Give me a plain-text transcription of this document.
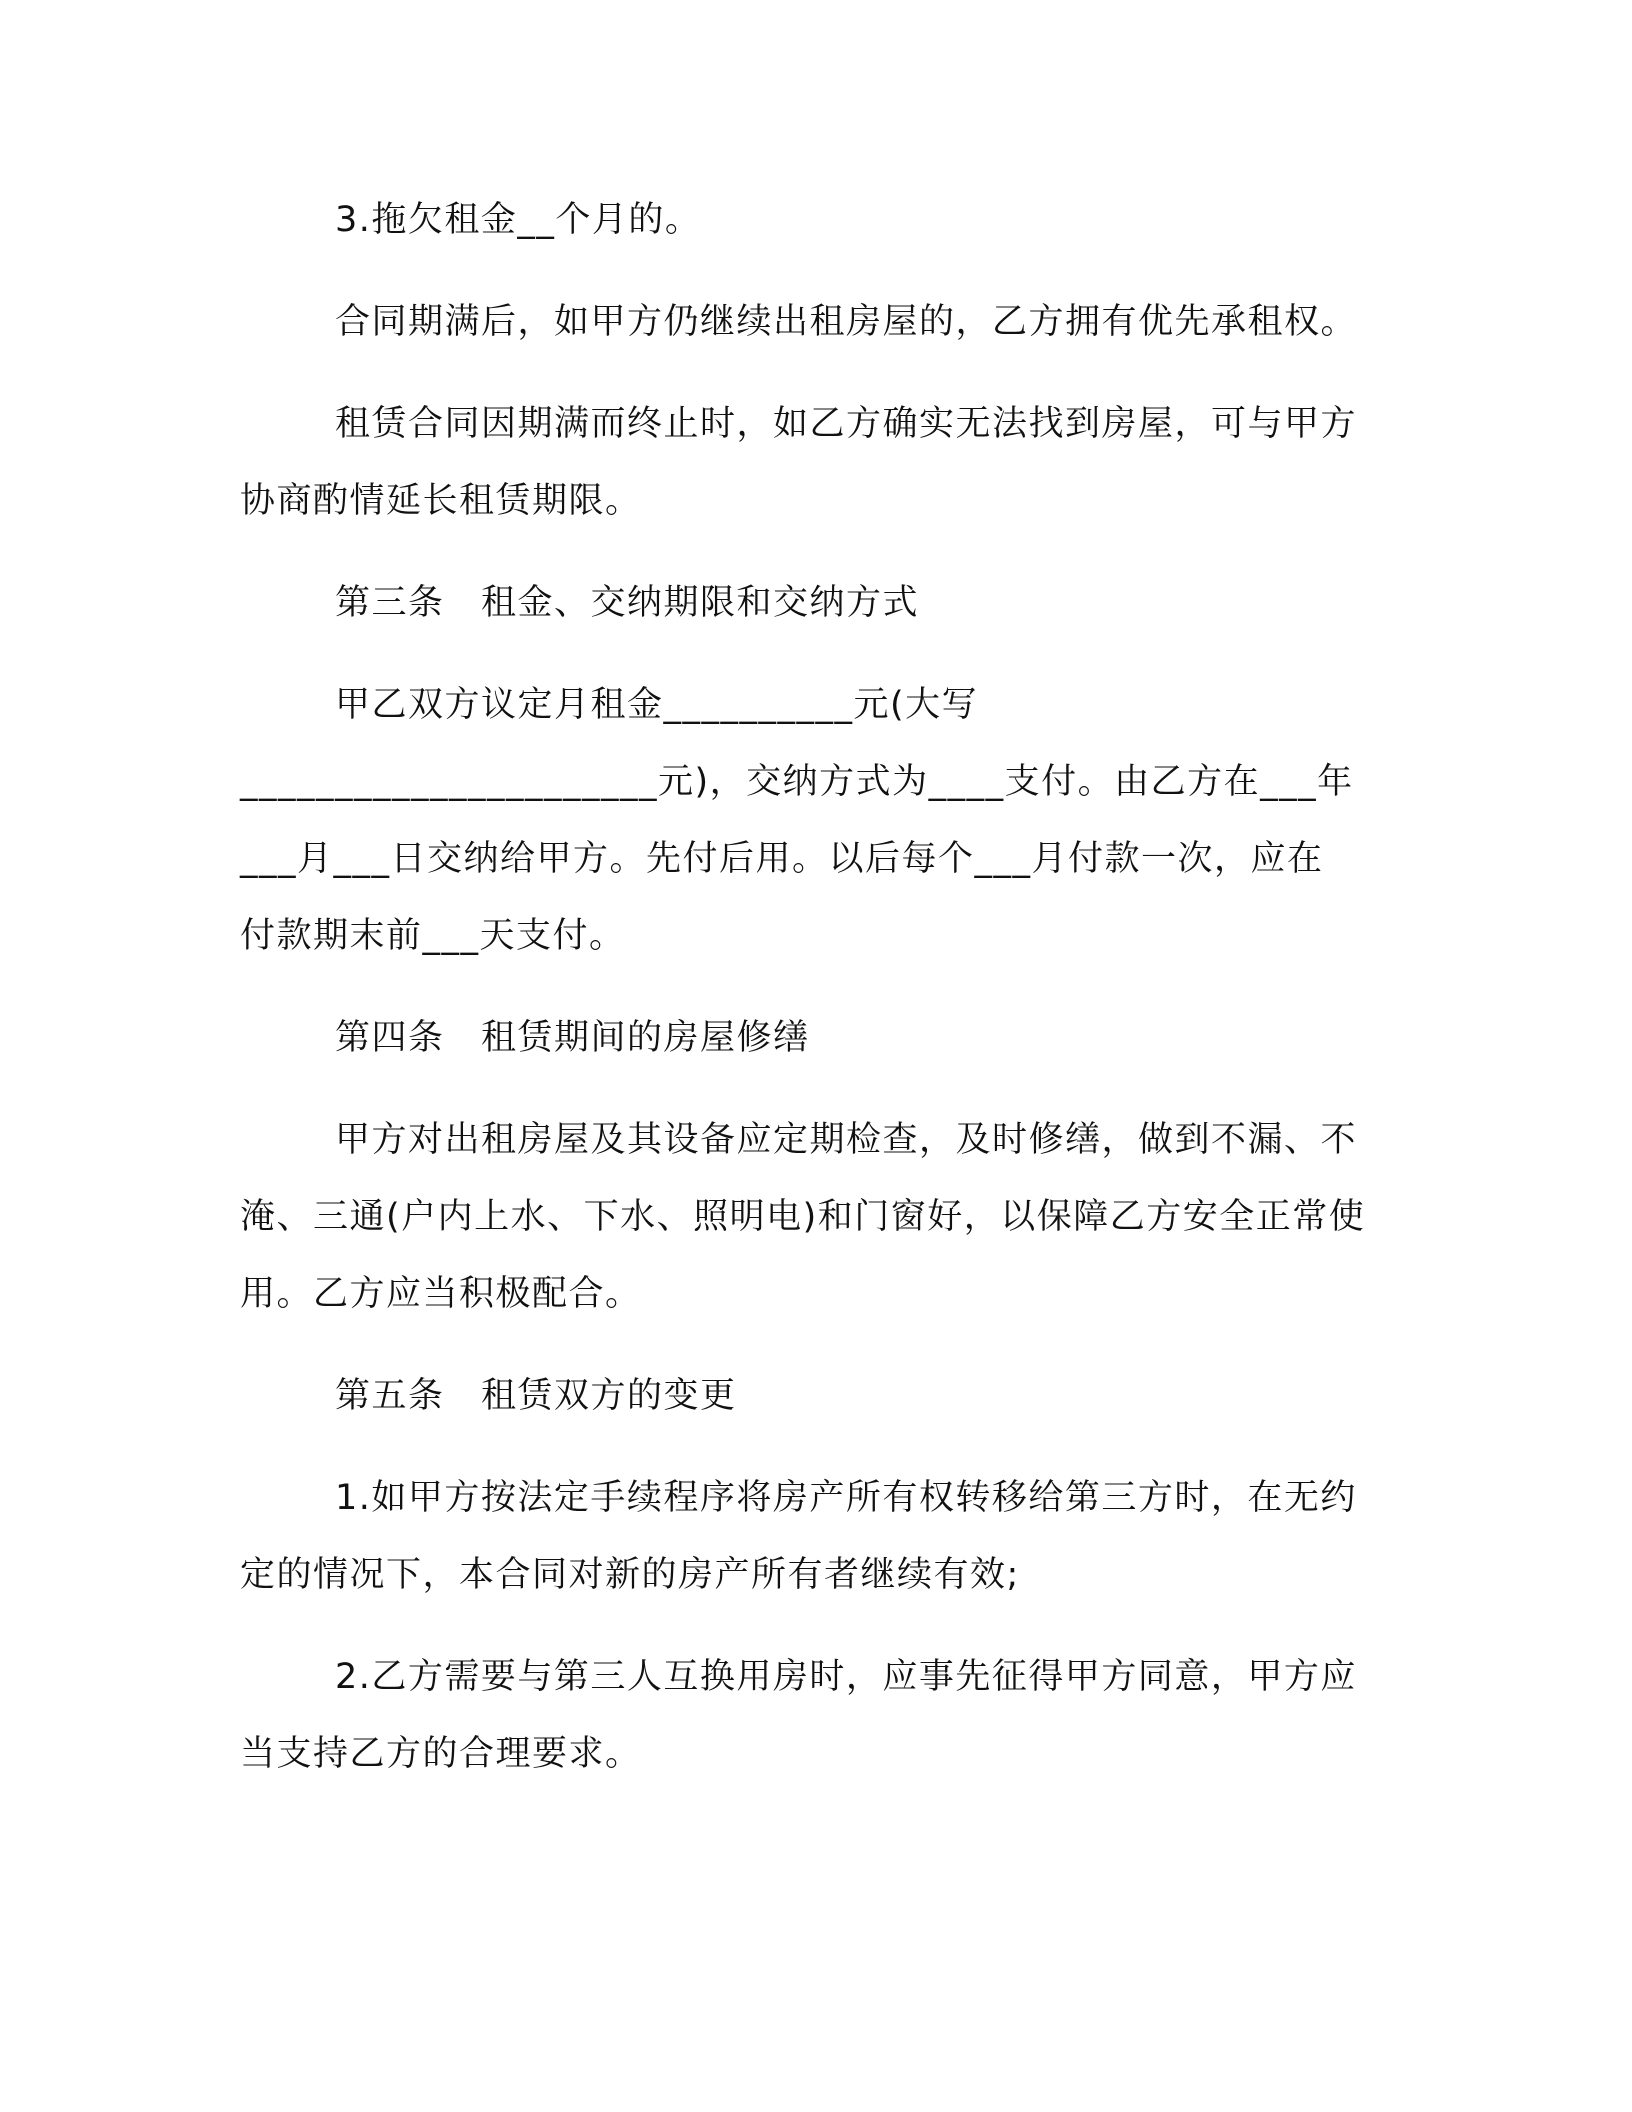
3.拖欠租金__个月的。
合同期满后，如甲方仍继续出租房屋的，乙方拥有优先承租权。
租赁合同因期满而终止时，如乙方确实无法找到房屋，可与甲方
协商酌情延长租赁期限。
第三条　租金、交纳期限和交纳方式
甲乙双方议定月租金__________元(大写
______________________元)，交纳方式为____支付。由乙方在___年
___月___日交纳给甲方。先付后用。以后每个___月付款一次，应在
付款期末前___天支付。
第四条　租赁期间的房屋修缮
甲方对出租房屋及其设备应定期检查，及时修缮，做到不漏、不
淹、三通(户内上水、下水、照明电)和门窗好，以保障乙方安全正常使
用。乙方应当积极配合。
第五条　租赁双方的变更
1.如甲方按法定手续程序将房产所有权转移给第三方时，在无约
定的情况下，本合同对新的房产所有者继续有效;
2.乙方需要与第三人互换用房时，应事先征得甲方同意，甲方应
当支持乙方的合理要求。
